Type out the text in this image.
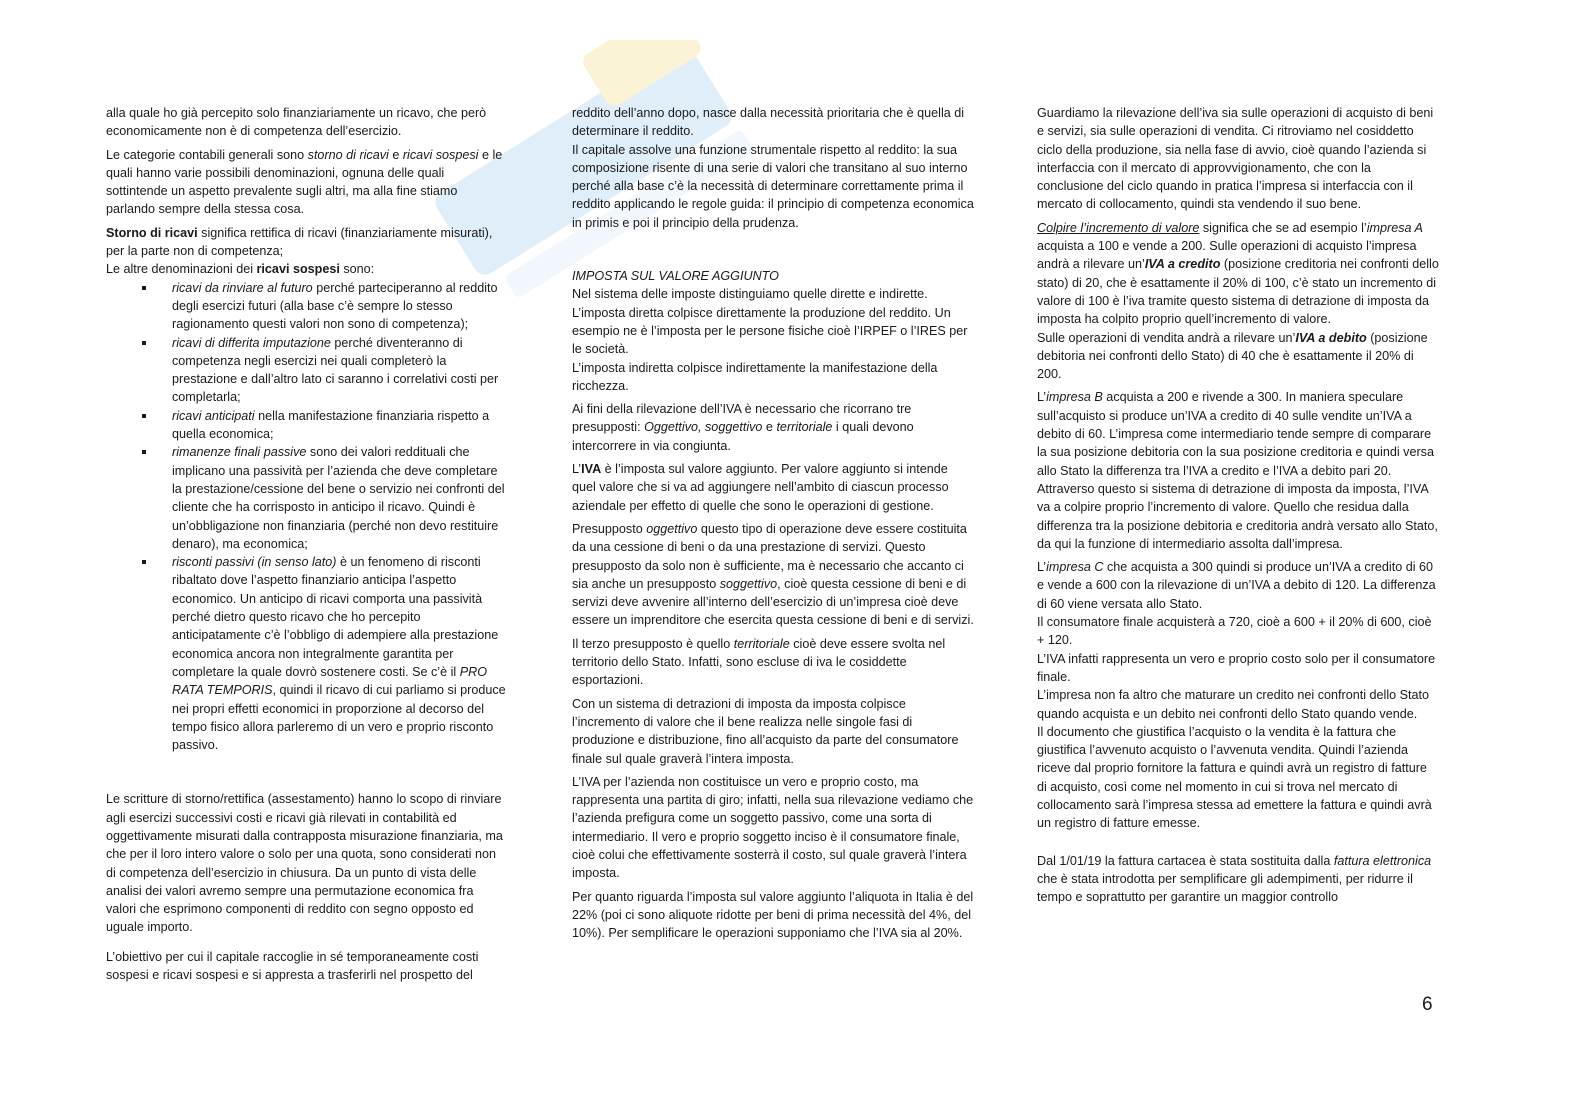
alla quale ho già percepito solo finanziariamente un ricavo, che però economicamente non è di competenza dell’esercizio.

Le categorie contabili generali sono storno di ricavi e ricavi sospesi e le quali hanno varie possibili denominazioni, ognuna delle quali sottintende un aspetto prevalente sugli altri, ma alla fine stiamo parlando sempre della stessa cosa.

Storno di ricavi significa rettifica di ricavi (finanziariamente misurati), per la parte non di competenza;

Le altre denominazioni dei ricavi sospesi sono:

ricavi da rinviare al futuro perché parteciperanno al reddito degli esercizi futuri (alla base c’è sempre lo stesso ragionamento questi valori non sono di competenza);
ricavi di differita imputazione perché diventeranno di competenza negli esercizi nei quali completerò la prestazione e dall’altro lato ci saranno i correlativi costi per completarla;
ricavi anticipati nella manifestazione finanziaria rispetto a quella economica;
rimanenze finali passive sono dei valori reddituali che implicano una passività per l’azienda che deve completare la prestazione/cessione del bene o servizio nei confronti del cliente che ha corrisposto in anticipo il ricavo. Quindi è un’obbligazione non finanziaria (perché non devo restituire denaro), ma economica;
risconti passivi (in senso lato) è un fenomeno di risconti ribaltato dove l’aspetto finanziario anticipa l’aspetto economico. Un anticipo di ricavi comporta una passività perché dietro questo ricavo che ho percepito anticipatamente c’è l’obbligo di adempiere alla prestazione economica ancora non integralmente garantita per completare la quale dovrò sostenere costi. Se c’è il PRO RATA TEMPORIS, quindi il ricavo di cui parliamo si produce nei propri effetti economici in proporzione al decorso del tempo fisico allora parleremo di un vero e proprio risconto passivo.

Le scritture di storno/rettifica (assestamento) hanno lo scopo di rinviare agli esercizi successivi costi e ricavi già rilevati in contabilità ed oggettivamente misurati dalla contrapposta misurazione finanziaria, ma che per il loro intero valore o solo per una quota, sono considerati non di competenza dell’esercizio in chiusura. Da un punto di vista delle analisi dei valori avremo sempre una permutazione economica fra valori che esprimono componenti di reddito con segno opposto ed uguale importo.

L’obiettivo per cui il capitale raccoglie in sé temporaneamente costi sospesi e ricavi sospesi e si appresta a trasferirli nel prospetto del

reddito dell’anno dopo, nasce dalla necessità prioritaria che è quella di determinare il reddito.

Il capitale assolve una funzione strumentale rispetto al reddito: la sua composizione risente di una serie di valori che transitano al suo interno perché alla base c’è la necessità di determinare correttamente prima il reddito applicando le regole guida: il principio di competenza economica in primis e poi il principio della prudenza.

IMPOSTA SUL VALORE AGGIUNTO

Nel sistema delle imposte distinguiamo quelle dirette e indirette.

L’imposta diretta colpisce direttamente la produzione del reddito. Un esempio ne è l’imposta per le persone fisiche cioè l’IRPEF o l’IRES per le società.

L’imposta indiretta colpisce indirettamente la manifestazione della ricchezza.

Ai fini della rilevazione dell’IVA è necessario che ricorrano tre presupposti: Oggettivo, soggettivo e territoriale i quali devono intercorrere in via congiunta.

L’IVA è l’imposta sul valore aggiunto. Per valore aggiunto si intende quel valore che si va ad aggiungere nell’ambito di ciascun processo aziendale per effetto di quelle che sono le operazioni di gestione.

Presupposto oggettivo questo tipo di operazione deve essere costituita da una cessione di beni o da una prestazione di servizi. Questo presupposto da solo non è sufficiente, ma è necessario che accanto ci sia anche un presupposto soggettivo, cioè questa cessione di beni e di servizi deve avvenire all’interno dell’esercizio di un’impresa cioè deve essere un imprenditore che esercita questa cessione di beni e di servizi.

Il terzo presupposto è quello territoriale cioè deve essere svolta nel territorio dello Stato. Infatti, sono escluse di iva le cosiddette esportazioni.

Con un sistema di detrazioni di imposta da imposta colpisce l’incremento di valore che il bene realizza nelle singole fasi di produzione e distribuzione, fino all’acquisto da parte del consumatore finale sul quale graverà l’intera imposta.

L’IVA per l’azienda non costituisce un vero e proprio costo, ma rappresenta una partita di giro; infatti, nella sua rilevazione vediamo che l’azienda prefigura come un soggetto passivo, come una sorta di intermediario. Il vero e proprio soggetto inciso è il consumatore finale, cioè colui che effettivamente sosterrà il costo, sul quale graverà l’intera imposta.

Per quanto riguarda l’imposta sul valore aggiunto l’aliquota in Italia è del 22% (poi ci sono aliquote ridotte per beni di prima necessità del 4%, del 10%). Per semplificare le operazioni supponiamo che l’IVA sia al 20%.

Guardiamo la rilevazione dell’iva sia sulle operazioni di acquisto di beni e servizi, sia sulle operazioni di vendita. Ci ritroviamo nel cosiddetto ciclo della produzione, sia nella fase di avvio, cioè quando l’azienda si interfaccia con il mercato di approvvigionamento, che con la conclusione del ciclo quando in pratica l’impresa si interfaccia con il mercato di collocamento, quindi sta vendendo il suo bene.

Colpire l’incremento di valore significa che se ad esempio l’impresa A acquista a 100 e vende a 200. Sulle operazioni di acquisto l’impresa andrà a rilevare un’IVA a credito (posizione creditoria nei confronti dello stato) di 20, che è esattamente il 20% di 100, c’è stato un incremento di valore di 100 è l’iva tramite questo sistema di detrazione di imposta da imposta ha colpito proprio quell’incremento di valore.

Sulle operazioni di vendita andrà a rilevare un’IVA a debito (posizione debitoria nei confronti dello Stato) di 40 che è esattamente il 20% di 200.

L’impresa B acquista a 200 e rivende a 300. In maniera speculare sull’acquisto si produce un’IVA a credito di 40 sulle vendite un’IVA a debito di 60. L’impresa come intermediario tende sempre di comparare la sua posizione debitoria con la sua posizione creditoria e quindi versa allo Stato la differenza tra l’IVA a credito e l’IVA a debito pari 20.

Attraverso questo si sistema di detrazione di imposta da imposta, l’IVA va a colpire proprio l’incremento di valore. Quello che residua dalla differenza tra la posizione debitoria e creditoria andrà versato allo Stato, da qui la funzione di intermediario assolta dall’impresa.

L’impresa C che acquista a 300 quindi si produce un’IVA a credito di 60 e vende a 600 con la rilevazione di un’IVA a debito di 120. La differenza di 60 viene versata allo Stato.

Il consumatore finale acquisterà a 720, cioè a 600 + il 20% di 600, cioè + 120.

L’IVA infatti rappresenta un vero e proprio costo solo per il consumatore finale.

L’impresa non fa altro che maturare un credito nei confronti dello Stato quando acquista e un debito nei confronti dello Stato quando vende.

Il documento che giustifica l’acquisto o la vendita è la fattura che giustifica l’avvenuto acquisto o l’avvenuta vendita. Quindi l’azienda riceve dal proprio fornitore la fattura e quindi avrà un registro di fatture di acquisto, così come nel momento in cui si trova nel mercato di collocamento sarà l’impresa stessa ad emettere la fattura e quindi avrà un registro di fatture emesse.

Dal 1/01/19 la fattura cartacea è stata sostituita dalla fattura elettronica che è stata introdotta per semplificare gli adempimenti, per ridurre il tempo e soprattutto per garantire un maggior controllo

6
